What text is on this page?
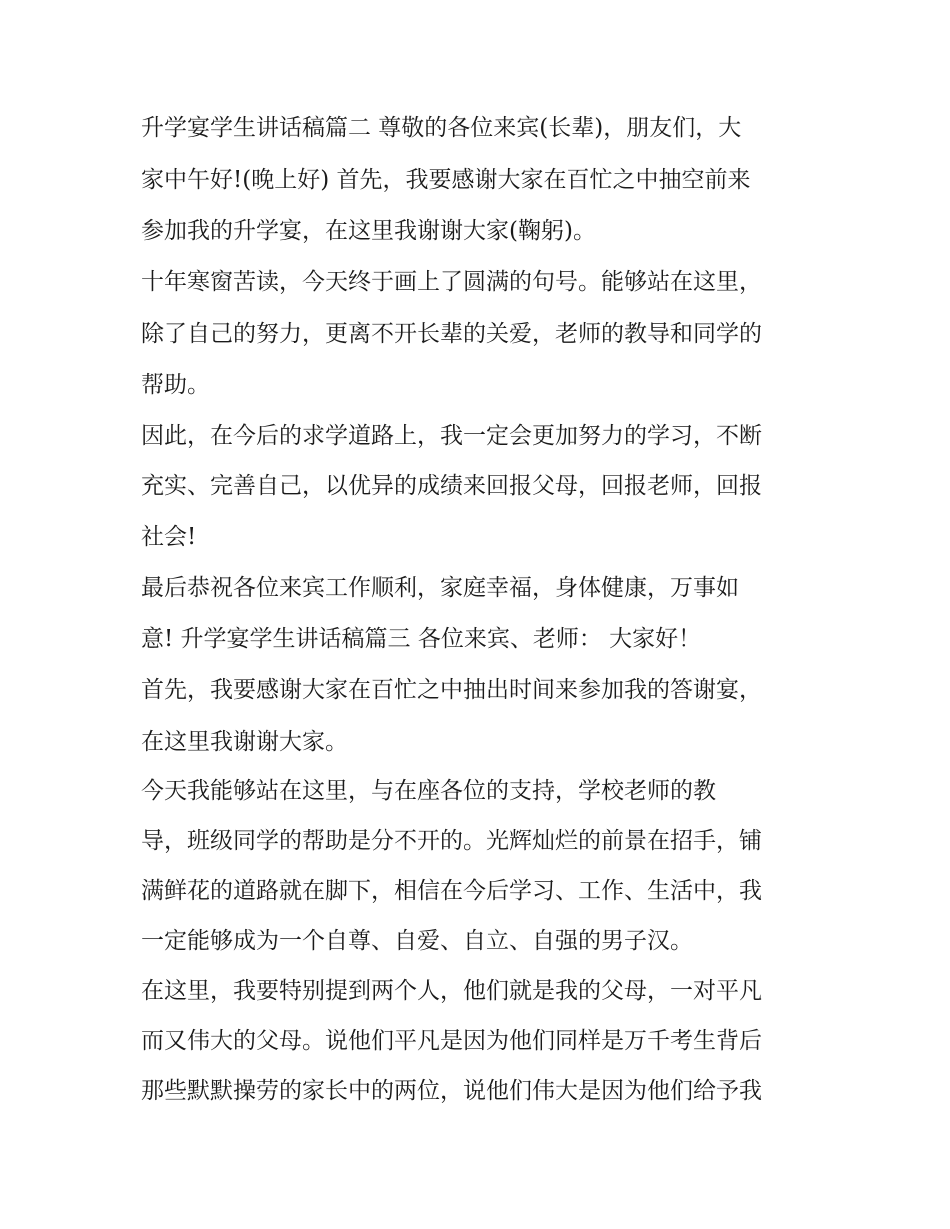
升学宴学生讲话稿篇二 尊敬的各位来宾(长辈)，朋友们，大
家中午好!(晚上好) 首先，我要感谢大家在百忙之中抽空前来
参加我的升学宴，在这里我谢谢大家(鞠躬)。
十年寒窗苦读，今天终于画上了圆满的句号。能够站在这里，
除了自己的努力，更离不开长辈的关爱，老师的教导和同学的
帮助。
因此，在今后的求学道路上，我一定会更加努力的学习，不断
充实、完善自己，以优异的成绩来回报父母，回报老师，回报
社会!
最后恭祝各位来宾工作顺利，家庭幸福，身体健康，万事如
意! 升学宴学生讲话稿篇三 各位来宾、老师： 大家好！
首先，我要感谢大家在百忙之中抽出时间来参加我的答谢宴，
在这里我谢谢大家。
今天我能够站在这里，与在座各位的支持，学校老师的教
导，班级同学的帮助是分不开的。光辉灿烂的前景在招手，铺
满鲜花的道路就在脚下，相信在今后学习、工作、生活中，我
一定能够成为一个自尊、自爱、自立、自强的男子汉。
在这里，我要特别提到两个人，他们就是我的父母，一对平凡
而又伟大的父母。说他们平凡是因为他们同样是万千考生背后
那些默默操劳的家长中的两位，说他们伟大是因为他们给予我
